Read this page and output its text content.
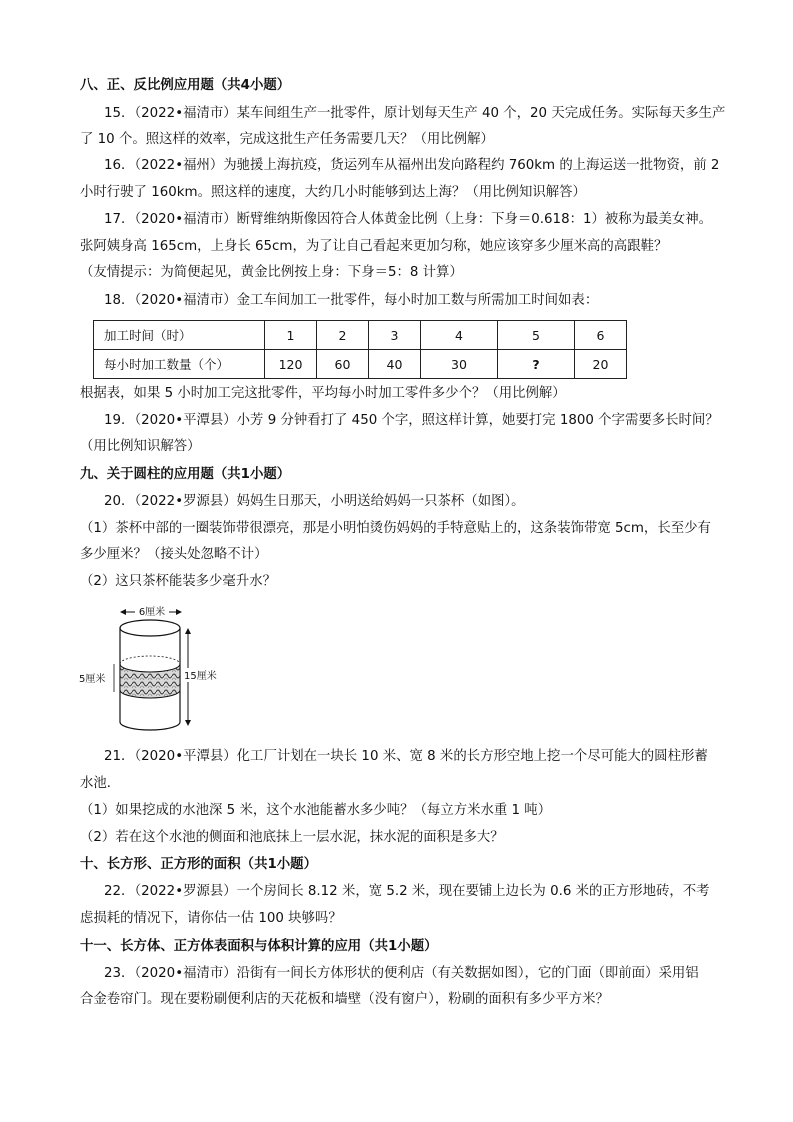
八、正、反比例应用题（共4小题）
15．（2022•福清市）某车间组生产一批零件，原计划每天生产 40 个，20 天完成任务。实际每天多生产
了 10 个。照这样的效率，完成这批生产任务需要几天？（用比例解）
16．（2022•福州）为驰援上海抗疫，货运列车从福州出发向路程约 760km 的上海运送一批物资，前 2
小时行驶了 160km。照这样的速度，大约几小时能够到达上海？（用比例知识解答）
17．（2020•福清市）断臂维纳斯像因符合人体黄金比例（上身：下身＝0.618：1）被称为最美女神。
张阿姨身高 165cm，上身长 65cm，为了让自己看起来更加匀称，她应该穿多少厘米高的高跟鞋？
（友情提示：为简便起见，黄金比例按上身：下身＝5：8 计算）
18．（2020•福清市）金工车间加工一批零件，每小时加工数与所需加工时间如表：
加工时间（时）	1	2	3	4	5	6
每小时加工数量（个）	120	60	40	30	?	20
根据表，如果 5 小时加工完这批零件，平均每小时加工零件多少个？（用比例解）
19．（2020•平潭县）小芳 9 分钟看打了 450 个字，照这样计算，她要打完 1800 个字需要多长时间？
（用比例知识解答）
九、关于圆柱的应用题（共1小题）
20．（2022•罗源县）妈妈生日那天，小明送给妈妈一只茶杯（如图）。
（1）茶杯中部的一圈装饰带很漂亮，那是小明怕烫伤妈妈的手特意贴上的，这条装饰带宽 5cm，长至少有
多少厘米？（接头处忽略不计）
（2）这只茶杯能装多少毫升水？
6厘米
5厘米	15厘米
21．（2020•平潭县）化工厂计划在一块长 10 米、宽 8 米的长方形空地上挖一个尽可能大的圆柱形蓄
水池．
（1）如果挖成的水池深 5 米，这个水池能蓄水多少吨？（每立方米水重 1 吨）
（2）若在这个水池的侧面和池底抹上一层水泥，抹水泥的面积是多大？
十、长方形、正方形的面积（共1小题）
22．（2022•罗源县）一个房间长 8.12 米，宽 5.2 米，现在要铺上边长为 0.6 米的正方形地砖，不考
虑损耗的情况下，请你估一估 100 块够吗？
十一、长方体、正方体表面积与体积计算的应用（共1小题）
23．（2020•福清市）沿街有一间长方体形状的便利店（有关数据如图），它的门面（即前面）采用铝
合金卷帘门。现在要粉刷便利店的天花板和墙壁（没有窗户），粉刷的面积有多少平方米？
